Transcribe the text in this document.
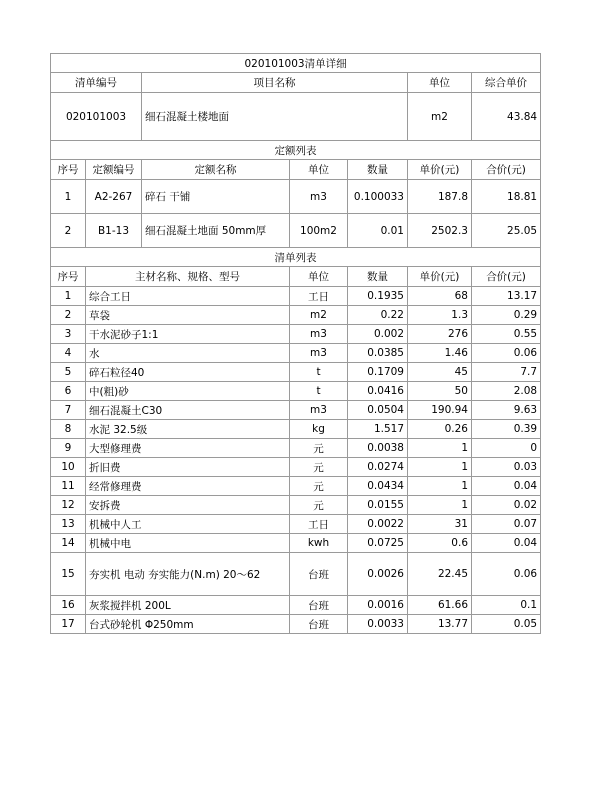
020101003清单详细						
清单编号		项目名称			单位	综合单价
020101003		细石混凝土楼地面			m2	43.84
定额列表						
序号	定额编号	定额名称	单位	数量	单价(元)	合价(元)
1	A2-267	碎石 干铺	m3	0.100033	187.8	18.81
2	B1-13	细石混凝土地面 50mm厚	100m2	0.01	2502.3	25.05
清单列表						
序号	主材名称、规格、型号		单位	数量	单价(元)	合价(元)
1	综合工日		工日	0.1935	68	13.17
2	草袋		m2	0.22	1.3	0.29
3	干水泥砂子1:1		m3	0.002	276	0.55
4	水		m3	0.0385	1.46	0.06
5	碎石粒径40		t	0.1709	45	7.7
6	中(粗)砂		t	0.0416	50	2.08
7	细石混凝土C30		m3	0.0504	190.94	9.63
8	水泥 32.5级		kg	1.517	0.26	0.39
9	大型修理费		元	0.0038	1	0
10	折旧费		元	0.0274	1	0.03
11	经常修理费		元	0.0434	1	0.04
12	安拆费		元	0.0155	1	0.02
13	机械中人工		工日	0.0022	31	0.07
14	机械中电		kwh	0.0725	0.6	0.04
15	夯实机 电动 夯实能力(N.m) 20～62		台班	0.0026	22.45	0.06
16	灰浆搅拌机 200L		台班	0.0016	61.66	0.1
17	台式砂轮机 Φ250mm		台班	0.0033	13.77	0.05
